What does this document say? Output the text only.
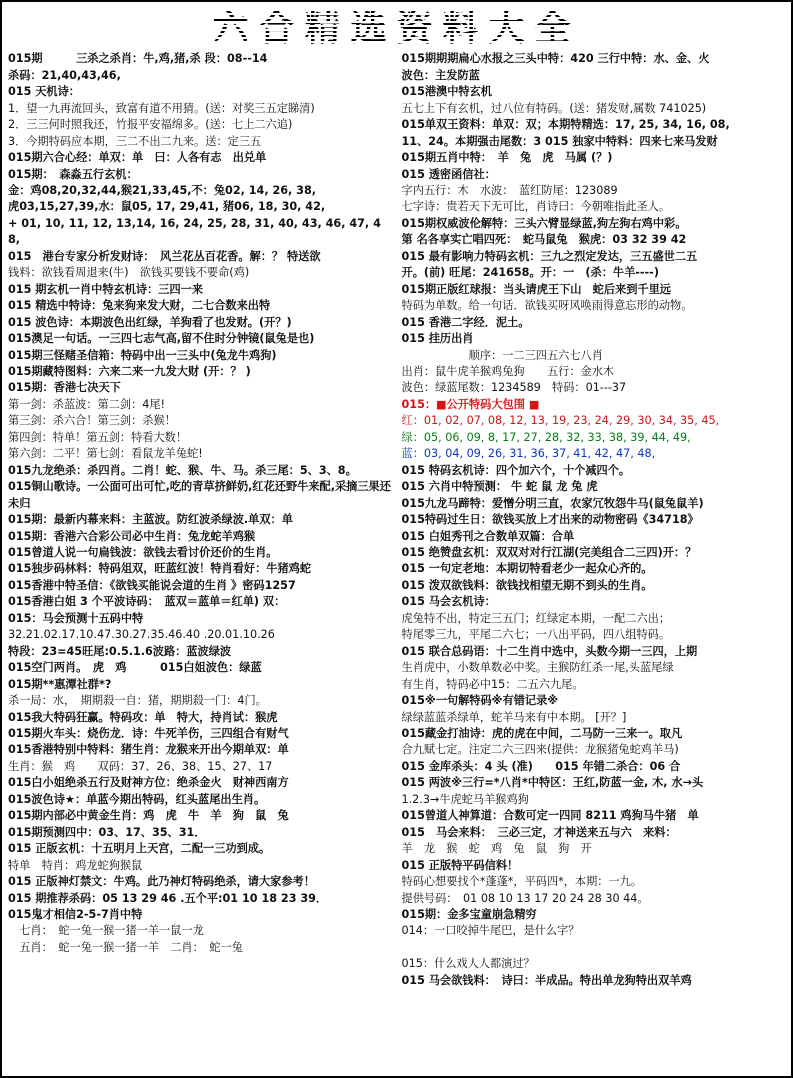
六合精选资料大全

015期　　　三杀之杀肖：牛,鸡,猪,杀 段：08--14

杀码：21,40,43,46,

015 天机诗：

1．望一九再流回头，致富有道不用猜。(送：对奖三五定睇清)

2．三三何时照我还，竹报平安福绵多。(送：七上二六追)

3．今期特码应本期，三二不出二九来。送：定三五

015期六合心经：单双：单　曰：人各有志　出兑单

015期：　森淼五行玄机：

金：鸡08,20,32,44,猴21,33,45,不：兔02, 14, 26, 38,

虎03,15,27,39,水：鼠05, 17, 29,41, 猪06, 18, 30, 42,

+ 01, 10, 11, 12, 13,14, 16, 24, 25, 28, 31, 40, 43, 46, 47, 48,

015　港台专家分析发财诗：　风兰花丛百花香。解：？ 特送欲

钱料：欲钱看周退来(牛)　欲钱买要钱不要命(鸡)

015 期玄机一肖中特玄机诗：三四一来

015 精选中特诗：兔来狗来发大财，二七合数来出特

015 波色诗：本期波色出红绿，羊狗看了也发财。(开？)

015澳足一句话。一三四七志气高,留不住时分钟镜(鼠兔是也)

015期三怪赌圣信箱：特码中出一三头中(兔龙牛鸡狗)

015期藏特图料：六来二来一九发大财 (开：？ )

015期：香港七决天下

第一剑：杀蓝波：第二剑：4尾!

第三剑：杀六合！第三剑：杀猴！

第四剑：特单！第五剑：特看大数！

第六剑：二平！第七剑：看鼠龙羊兔蛇!

015九龙绝杀：杀四肖。二肖！蛇、猴、牛、马。杀三尾：5、3、8。

015铜山歌诗。一公面可出可忙,吃的青草挤鲜奶,红花还野牛来配,采摘三果还未归

015期：最新内幕来料：主蓝波。防红波杀绿波.单双：单

015期：香港六合彩公司必中生肖：兔龙蛇羊鸡猴

015曾道人说一句扁钱波：欲钱去看讨价还价的生肖。

015独步码林料：特码俎双，旺蓝红波！特肖看好：牛猪鸡蛇

015香港中特圣信：《欲钱买能说会道的生肖 》密码1257

015香港白姐 3 个平波诗码：　蓝双＝蓝单＝红单) 双：

015：马会预测十五码中特

32.21.02.17.10.47.30.27.35.46.40 .20.01.10.26

特段：23=45旺尾:0.5.1.6波路：蓝波绿波

015空门两肖。　虎　鸡　　　015白姐波色：绿蓝

015期**惠潭社群*?

杀一局：水，　期期殺一自：猪，期期殺一门：4门。

015我大特码狂赢。特码攻：单　特大，持肖试：猴虎

015期火车头：烧伤龙．诗：牛死羊伤，三四组合有财气

015香港特别中特料：猪生肖：龙猴来开出今期单双：单

生肖：猴　鸡　　双码：37、26、38、15、27、17

015白小姐绝杀五行及财神方位：绝杀金火　财神西南方

015波色诗★：单蓝今期出特码，红头蓝尾出生肖。

015期内部必中黄金生肖：鸡　虎　牛　羊　狗　鼠　兔

015期预测四中：03、17、35、31．

015 正版玄机：十五明月上天宫，二配一三功到成。

特单　特肖：鸡龙蛇狗猴鼠

015 正版神灯禁文：牛鸡。此乃神灯特码绝杀，请大家参考！

015 期推荐杀码：05 13 29 46 .五个平:01 10 18 23 39．

015鬼才相信2-5-7肖中特

　七肖：　蛇一兔一猴一猪一羊一鼠一龙

　五肖：　蛇一兔一猴一猪一羊　二肖：　蛇一兔

015期期期扁心水报之三头中特：420 三行中特：水、金、火

波色：主发防蓝

015港澳中特玄机

五七上下有玄机，过八位有特码。(送：猪发财,属数 741025)

015单双王资料：单双：双；本期特精选：17, 25, 34, 16, 08,

11、24。本期强击尾数：3 015 独家中特料：四来七来马发财

015期五肖中特：　羊　兔　虎　马属 (？)

015 透密函信社：

字内五行：木　水波：　蓝红防尾：123089

七字诗：贵若天下无可比，肖诗曰：今朝唯指此圣人。

015期权威波伦解特：三头六臂显绿蓝,狗左狗右鸡中彩。

第 名各享实亡唱四死：　蛇马鼠兔　猴虎：03 32 39 42

015 最有影响力特码玄机：三九之烈定发达，三五盛世二五

开。(前) 旺尾：241658。开：一　(杀：牛羊----)

015期正版红球报：当头请虎王下山　蛇后来到千里远

特码为单数。给一句话．欲钱买呀风唤雨得意忘形的动物。

015 香港二字经．泥土。

015 挂历出肖

　　　　　　顺序：一二三四五六七八肖

出肖：鼠牛虎羊猴鸡兔狗　　五行：金水木

波色：绿蓝尾数：1234589　特码：01---37

015：■公开特码大包围 ■

红：01, 02, 07, 08, 12, 13, 19, 23, 24, 29, 30, 34, 35, 45,

绿：05, 06, 09, 8, 17, 27, 28, 32, 33, 38, 39, 44, 49,

蓝：03, 04, 09, 26, 31, 36, 37, 41, 42, 47, 48,

015 特码玄机诗：四个加六个，十个减四个。

015 六肖中特预测： 牛 蛇 鼠 龙 兔 虎

015九龙马蹄特：爱憎分明三直，农家冗牧怨牛马(鼠兔鼠羊)

015特码过生日：欲钱买放上才出来的动物密码《34718》

015 白姐秀刊之合数单双篇：合单

015 绝赞盘玄机：双双对对行江湖(完美组合二三四)开：？

015 一句定老地：本期切特看老少一起众心齐的。

015 泼双欲钱料：欲钱找相望无期不到头的生肖。

015 马会玄机诗：

虎兔特不出，特定三五门；红绿定本期，一配二六出；

特尾零三九，平尾二六七；一八出平码，四八组特码。

015 联合总码语：十二生肖中选中，头数今期一三四，上期

生肖虎中，小数单数必中奖。主猴防红杀一尾,头蓝尾绿

有生肖，特码必中15：二五六九尾。

015※一句解特码※有错记录※

绿绿蓝蓝杀绿单，蛇羊马来有中本期。 [开？]

015藏金打油诗：虎的虎在中间，二马防一三来一。取凡

合九赋七定。注定二六三四来(提供：龙猴猪兔蛇鸡羊马)

015 金库杀头：4 头 (准)　　015 年错二杀合：06 合

015 两波※三行=*八肖*中特区：王红,防蓝一金, 木, 水→头

1.2.3→牛虎蛇马羊猴鸡狗

015曾道人神算道：合数可定一四同 8211 鸡狗马牛猪　单

015　马会来料：　三必三定，才神送来五与六　来料：

羊　龙　猴　蛇　鸡　兔　鼠　狗　开

015 正版特平码信料！

特码心想要找个*蓬蓬*，平码四*，本期：一九。

提供号码：　01 08 10 13 17 20 24 28 30 44。

015期：金多宝童崩急精穷

014：一口咬掉牛尾巴，是什么字？

015：什么戏人人都演过？

015 马会欲钱料：　诗曰：半成品。特出单龙狗特出双羊鸡
